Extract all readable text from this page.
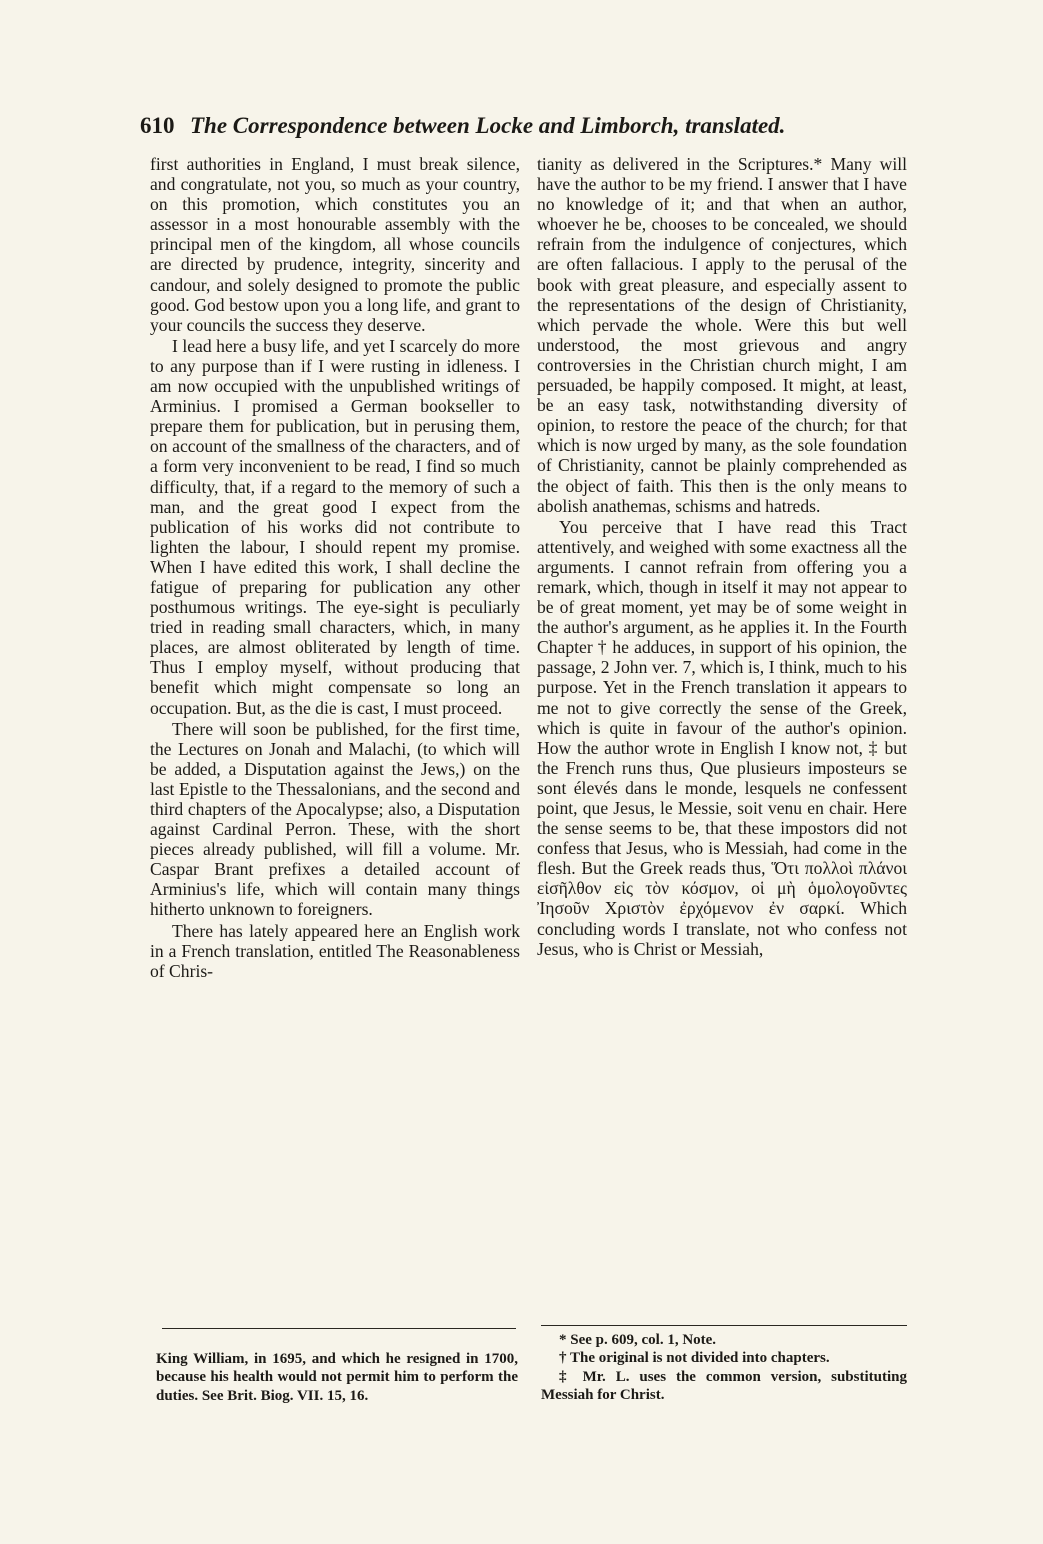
610 The Correspondence between Locke and Limborch, translated.

first authorities in England, I must break silence, and congratulate, not you, so much as your country, on this promotion, which constitutes you an assessor in a most honourable assembly with the principal men of the kingdom, all whose councils are directed by prudence, integrity, sincerity and candour, and solely designed to promote the public good. God bestow upon you a long life, and grant to your councils the success they deserve.

I lead here a busy life, and yet I scarcely do more to any purpose than if I were rusting in idleness. I am now occupied with the unpublished writings of Arminius. I promised a German bookseller to prepare them for publication, but in perusing them, on account of the smallness of the characters, and of a form very inconvenient to be read, I find so much difficulty, that, if a regard to the memory of such a man, and the great good I expect from the publication of his works did not contribute to lighten the labour, I should repent my promise. When I have edited this work, I shall decline the fatigue of preparing for publication any other posthumous writings. The eye-sight is peculiarly tried in reading small characters, which, in many places, are almost obliterated by length of time. Thus I employ myself, without producing that benefit which might compensate so long an occupation. But, as the die is cast, I must proceed.

There will soon be published, for the first time, the Lectures on Jonah and Malachi, (to which will be added, a Disputation against the Jews,) on the last Epistle to the Thessalonians, and the second and third chapters of the Apocalypse; also, a Disputation against Cardinal Perron. These, with the short pieces already published, will fill a volume. Mr. Caspar Brant prefixes a detailed account of Arminius's life, which will contain many things hitherto unknown to foreigners.

There has lately appeared here an English work in a French translation, entitled The Reasonableness of Chris-

tianity as delivered in the Scriptures.* Many will have the author to be my friend. I answer that I have no knowledge of it; and that when an author, whoever he be, chooses to be concealed, we should refrain from the indulgence of conjectures, which are often fallacious. I apply to the perusal of the book with great pleasure, and especially assent to the representations of the design of Christianity, which pervade the whole. Were this but well understood, the most grievous and angry controversies in the Christian church might, I am persuaded, be happily composed. It might, at least, be an easy task, notwithstanding diversity of opinion, to restore the peace of the church; for that which is now urged by many, as the sole foundation of Christianity, cannot be plainly comprehended as the object of faith. This then is the only means to abolish anathemas, schisms and hatreds.

You perceive that I have read this Tract attentively, and weighed with some exactness all the arguments. I cannot refrain from offering you a remark, which, though in itself it may not appear to be of great moment, yet may be of some weight in the author's argument, as he applies it. In the Fourth Chapter † he adduces, in support of his opinion, the passage, 2 John ver. 7, which is, I think, much to his purpose. Yet in the French translation it appears to me not to give correctly the sense of the Greek, which is quite in favour of the author's opinion. How the author wrote in English I know not, ‡ but the French runs thus, Que plusieurs imposteurs se sont élevés dans le monde, lesquels ne confessent point, que Jesus, le Messie, soit venu en chair. Here the sense seems to be, that these impostors did not confess that Jesus, who is Messiah, had come in the flesh. But the Greek reads thus, Ὅτι πολλοὶ πλάνοι εἰσῆλθον εἰς τὸν κόσμον, οἱ μὴ ὁμολογοῦντες Ἰησοῦν Χριστὸν ἐρχόμενον ἐν σαρκί. Which concluding words I translate, not who confess not Jesus, who is Christ or Messiah,

King William, in 1695, and which he resigned in 1700, because his health would not permit him to perform the duties. See Brit. Biog. VII. 15, 16.

* See p. 609, col. 1, Note.

† The original is not divided into chapters.

‡ Mr. L. uses the common version, substituting Messiah for Christ.
